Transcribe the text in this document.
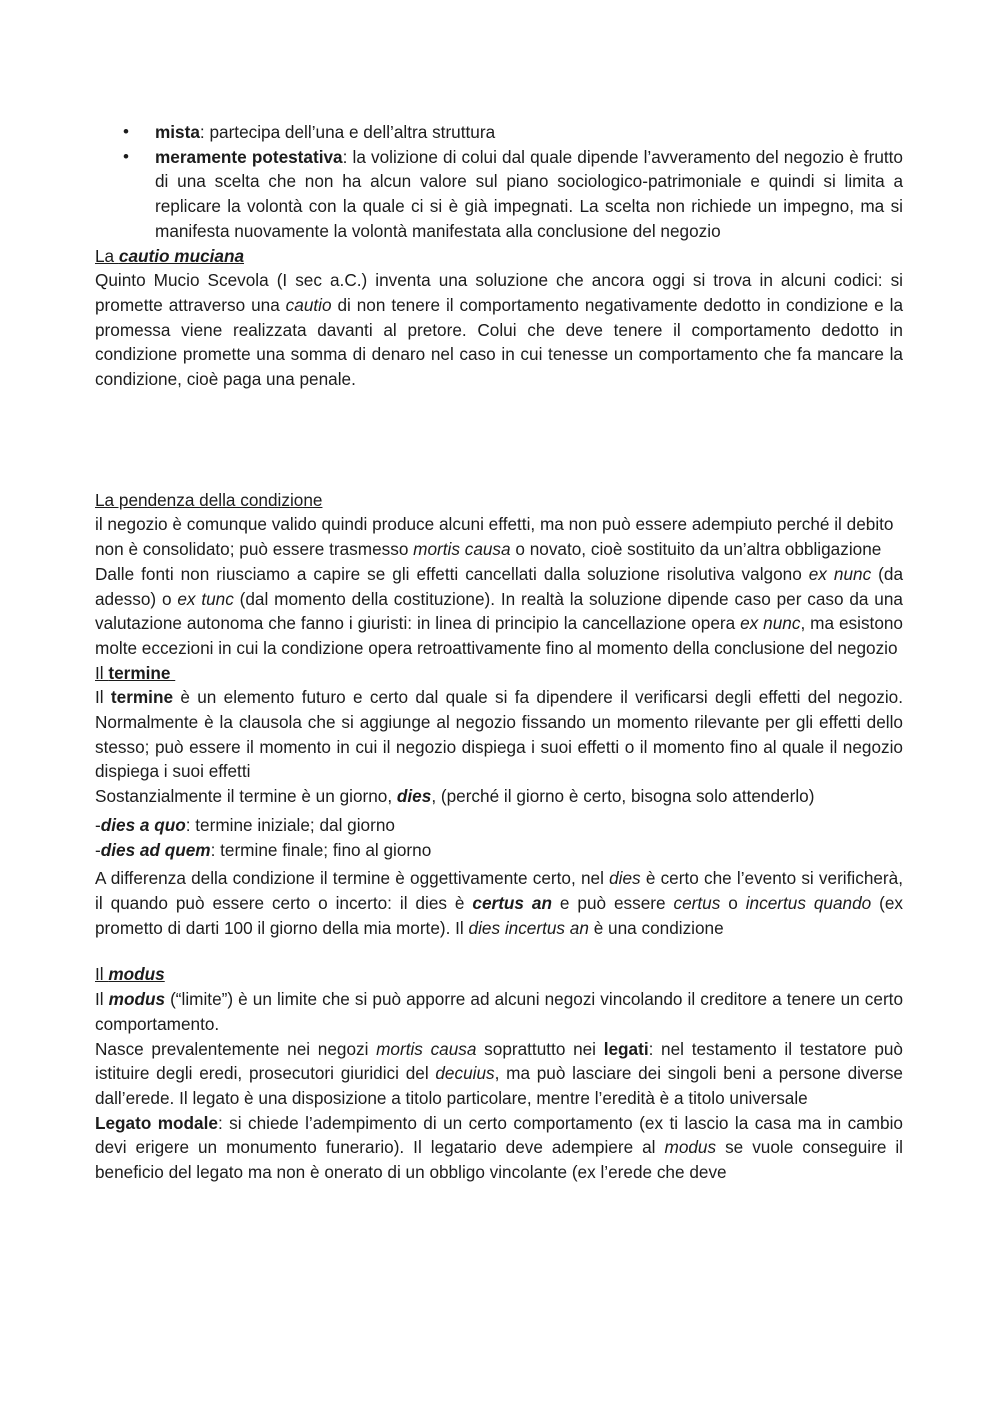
• mista: partecipa dell’una e dell’altra struttura
• meramente potestativa: la volizione di colui dal quale dipende l’avveramento del negozio è frutto di una scelta che non ha alcun valore sul piano sociologico-patrimoniale e quindi si limita a replicare la volontà con la quale ci si è già impegnati. La scelta non richiede un impegno, ma si manifesta nuovamente la volontà manifestata alla conclusione del negozio

La cautio muciana

Quinto Mucio Scevola (I sec a.C.) inventa una soluzione che ancora oggi si trova in alcuni codici: si promette attraverso una cautio di non tenere il comportamento negativamente dedotto in condizione e la promessa viene realizzata davanti al pretore. Colui che deve tenere il comportamento dedotto in condizione promette una somma di denaro nel caso in cui tenesse un comportamento che fa mancare la condizione, cioè paga una penale.

La pendenza della condizione

il negozio è comunque valido quindi produce alcuni effetti, ma non può essere adempiuto perché il debito non è consolidato; può essere trasmesso mortis causa o novato, cioè sostituito da un’altra obbligazione

Dalle fonti non riusciamo a capire se gli effetti cancellati dalla soluzione risolutiva valgono ex nunc (da adesso) o ex tunc (dal momento della costituzione). In realtà la soluzione dipende caso per caso da una valutazione autonoma che fanno i giuristi: in linea di principio la cancellazione opera ex nunc, ma esistono molte eccezioni in cui la condizione opera retroattivamente fino al momento della conclusione del negozio

Il termine

Il termine è un elemento futuro e certo dal quale si fa dipendere il verificarsi degli effetti del negozio. Normalmente è la clausola che si aggiunge al negozio fissando un momento rilevante per gli effetti dello stesso; può essere il momento in cui il negozio dispiega i suoi effetti o il momento fino al quale il negozio dispiega i suoi effetti

Sostanzialmente il termine è un giorno, dies, (perché il giorno è certo, bisogna solo attenderlo)

-dies a quo: termine iniziale; dal giorno

-dies ad quem: termine finale; fino al giorno

A differenza della condizione il termine è oggettivamente certo, nel dies è certo che l’evento si verificherà, il quando può essere certo o incerto: il dies è certus an e può essere certus o incertus quando (ex prometto di darti 100 il giorno della mia morte). Il dies incertus an è una condizione

Il modus

Il modus (“limite”) è un limite che si può apporre ad alcuni negozi vincolando il creditore a tenere un certo comportamento.

Nasce prevalentemente nei negozi mortis causa soprattutto nei legati: nel testamento il testatore può istituire degli eredi, prosecutori giuridici del decuius, ma può lasciare dei singoli beni a persone diverse dall’erede. Il legato è una disposizione a titolo particolare, mentre l’eredità è a titolo universale

Legato modale: si chiede l’adempimento di un certo comportamento (ex ti lascio la casa ma in cambio devi erigere un monumento funerario). Il legatario deve adempiere al modus se vuole conseguire il beneficio del legato ma non è onerato di un obbligo vincolante (ex l’erede che deve
